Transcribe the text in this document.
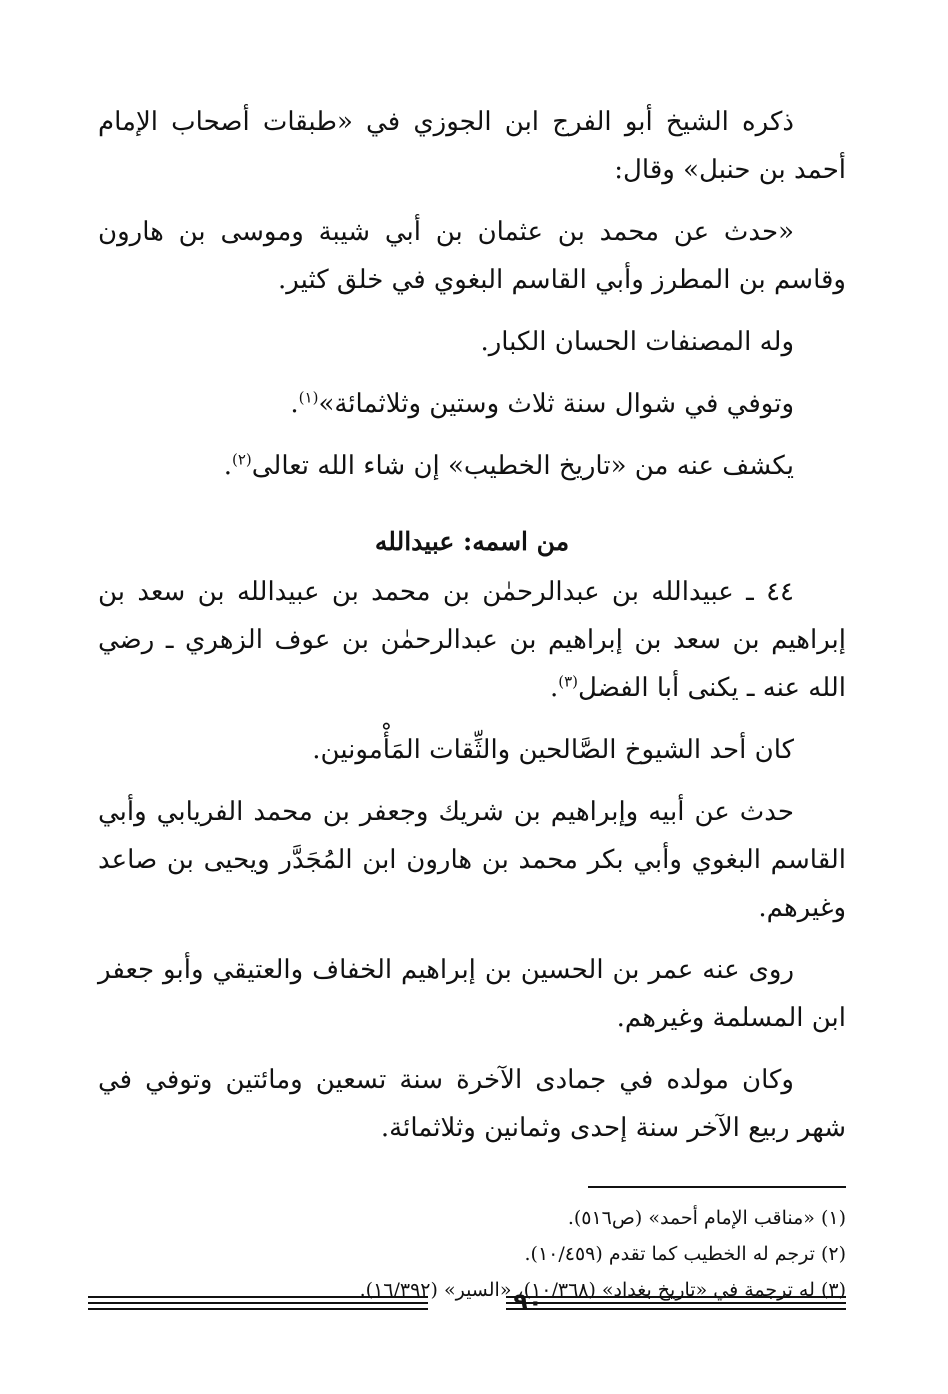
ذكره الشيخ أبو الفرج ابن الجوزي في «طبقات أصحاب الإمام أحمد بن حنبل» وقال:

«حدث عن محمد بن عثمان بن أبي شيبة وموسى بن هارون وقاسم بن المطرز وأبي القاسم البغوي في خلق كثير.

وله المصنفات الحسان الكبار.

وتوفي في شوال سنة ثلاث وستين وثلاثمائة»$^{(١)}$.

يكشف عنه من «تاريخ الخطيب» إن شاء الله تعالى$^{(٢)}$.

من اسمه: عبيدالله

٤٤ ـ عبيدالله بن عبدالرحمٰن بن محمد بن عبيدالله بن سعد بن إبراهيم بن سعد بن إبراهيم بن عبدالرحمٰن بن عوف الزهري ـ رضي الله عنه ـ يكنى أبا الفضل$^{(٣)}$.

كان أحد الشيوخ الصَّالحين والثِّقات المَأْمونين.

حدث عن أبيه وإبراهيم بن شريك وجعفر بن محمد الفريابي وأبي القاسم البغوي وأبي بكر محمد بن هارون ابن المُجَدَّر ويحيى بن صاعد وغيرهم.

روى عنه عمر بن الحسين بن إبراهيم الخفاف والعتيقي وأبو جعفر ابن المسلمة وغيرهم.

وكان مولده في جمادى الآخرة سنة تسعين ومائتين وتوفي في شهر ربيع الآخر سنة إحدى وثمانين وثلاثمائة.

(١) «مناقب الإمام أحمد» (ص٥١٦).

(٢) ترجم له الخطيب كما تقدم (١٠/٤٥٩).

(٣) له ترجمة في «تاريخ بغداد» (١٠/٣٦٨)، «السير» (١٦/٣٩٢).

٩٠
